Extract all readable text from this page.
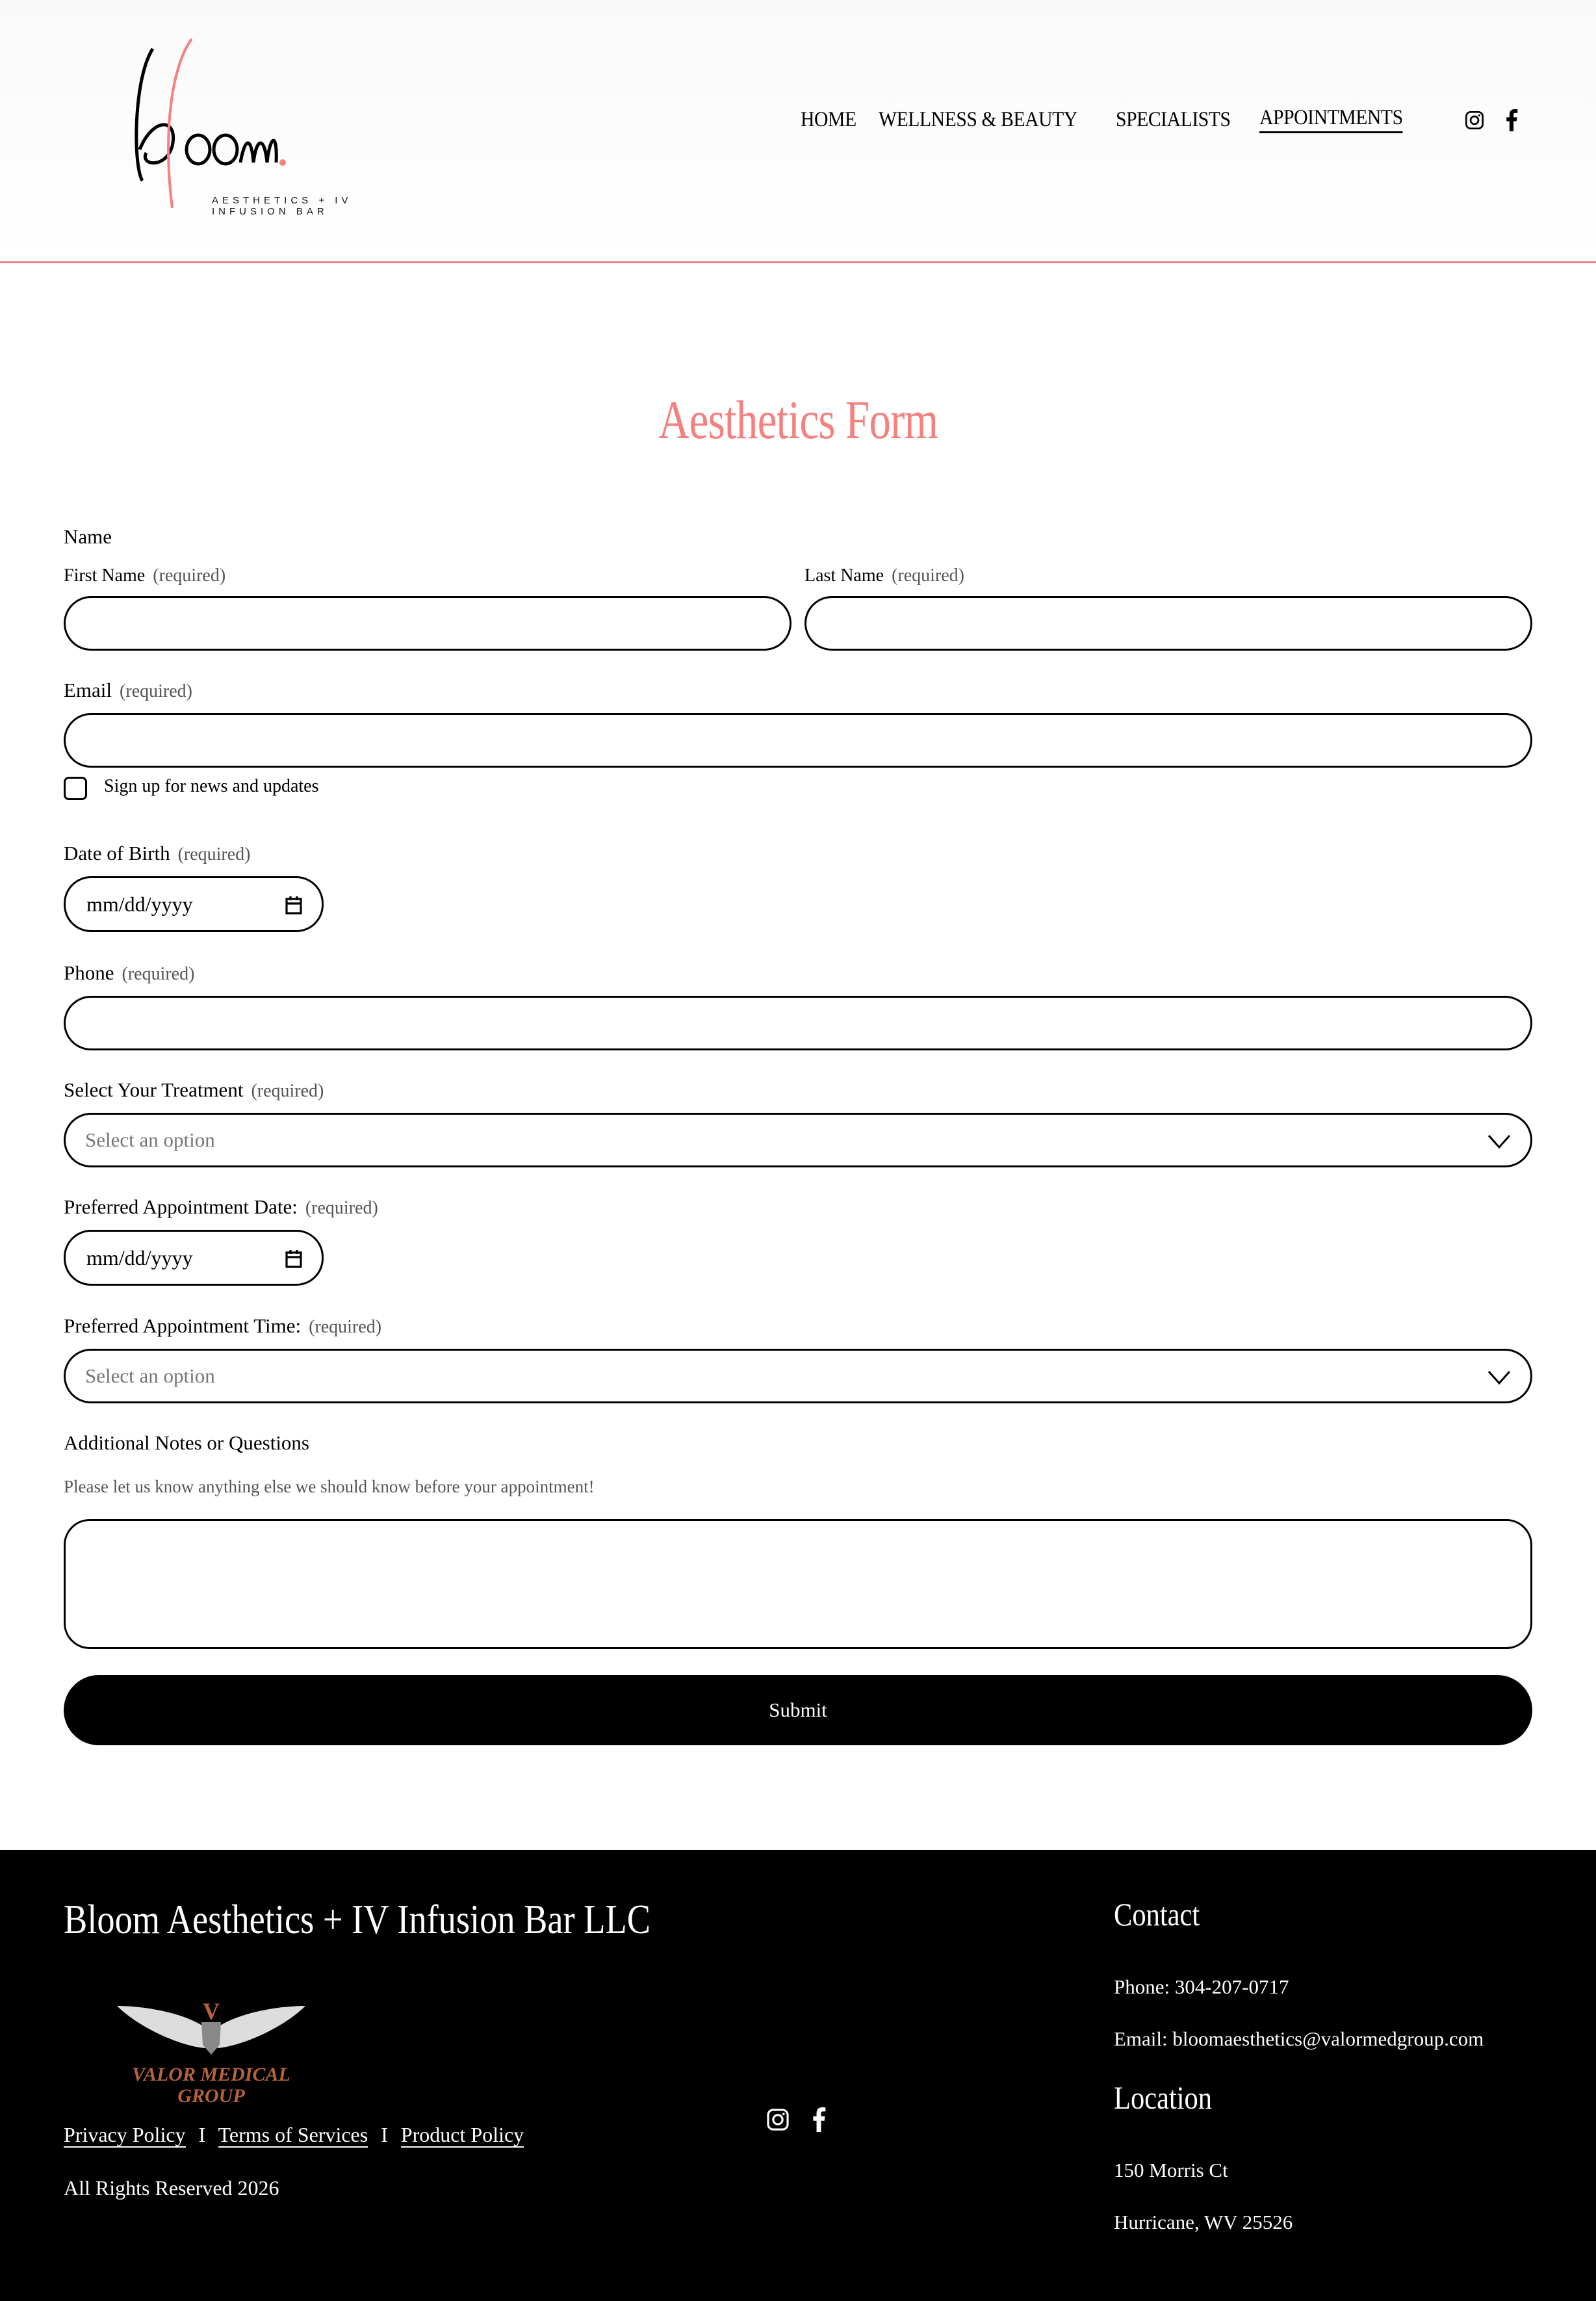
AESTHETICS + IV INFUSION BAR
HOME WELLNESS & BEAUTY SPECIALISTS APPOINTMENTS
Aesthetics Form
Name
First Name (required)	Last Name (required)
Email (required)
Sign up for news and updates
Date of Birth (required)
mm/dd/yyyy
Phone (required)
Select Your Treatment (required)
Select an option
Preferred Appointment Date: (required)
mm/dd/yyyy
Preferred Appointment Time: (required)
Select an option
Additional Notes or Questions
Please let us know anything else we should know before your appointment!
Submit
Bloom Aesthetics + IV Infusion Bar LLC
V
VALOR MEDICAL
GROUP
Privacy Policy I Terms of Services I Product Policy
All Rights Reserved 2026
Contact
Phone: 304-207-0717
Email: bloomaesthetics@valormedgroup.com
Location
150 Morris Ct
Hurricane, WV 25526
